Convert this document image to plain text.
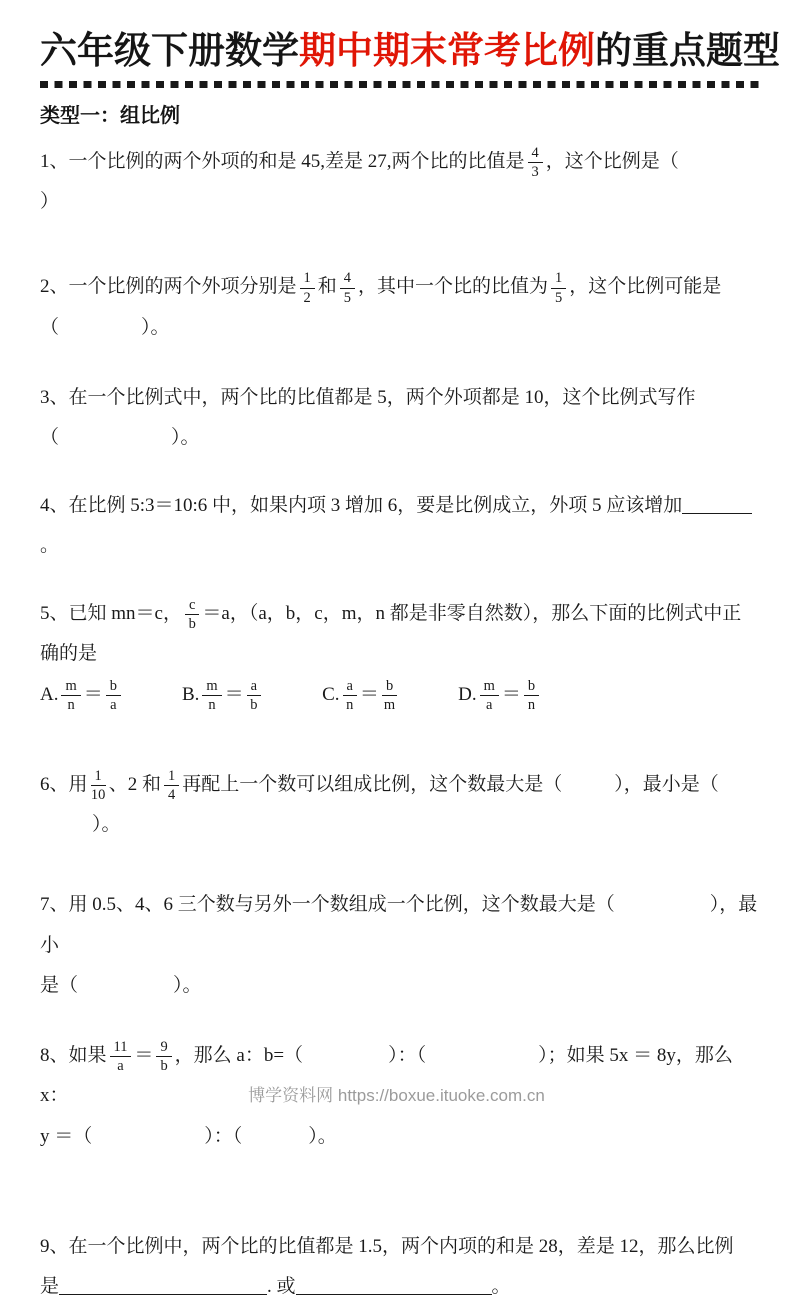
六年级下册数学期中期末常考比例的重点题型
类型一：组比例
1、一个比例的两个外项的和是 45,差是 27,两个比的比值是 $\frac{4}{3}$ ，这个比例是（）
2、一个比例的两个外项分别是 $\frac{1}{2}$ 和 $\frac{4}{5}$ ，其中一个比的比值为 $\frac{1}{5}$ ，这个比例可能是
（	）。
3、在一个比例式中，两个比的比值都是 5，两个外项都是 10，这个比例式写作
（	）。
4、在比例 5:3＝10:6 中，如果内项 3 增加 6，要是比例成立，外项 5 应该增加。
5、已知 mn＝c， $\frac{c}{b} =a$，（a，b，c，m，n 都是非零自然数），那么下面的比例式中正确的是
A. $\frac{m}{n} = \frac{b}{a}$	B. $\frac{m}{n} = \frac{a}{b}$	C. $\frac{a}{n} = \frac{b}{m}$	D. $\frac{m}{a} = \frac{b}{n}$
6、用 $\frac{1}{10}$ 、2 和 $\frac{1}{4}$ 再配上一个数可以组成比例，这个数最大是（	），最小是（）。
7、用 0.5、4、6 三个数与另外一个数组成一个比例，这个数最大是（	），最小
是（	）。
8、如果 $\frac{11}{a} = \frac{9}{b}$ ，那么 a：b=（	）：（	）；如果 5x ＝ 8y，那么 x：
y ＝（	）：（	）。
9、在一个比例中，两个比的比值都是 1.5，两个内项的和是 28，差是 12，那么比例
是	. 或	。
博学资料网 https://boxue.ituoke.com.cn
